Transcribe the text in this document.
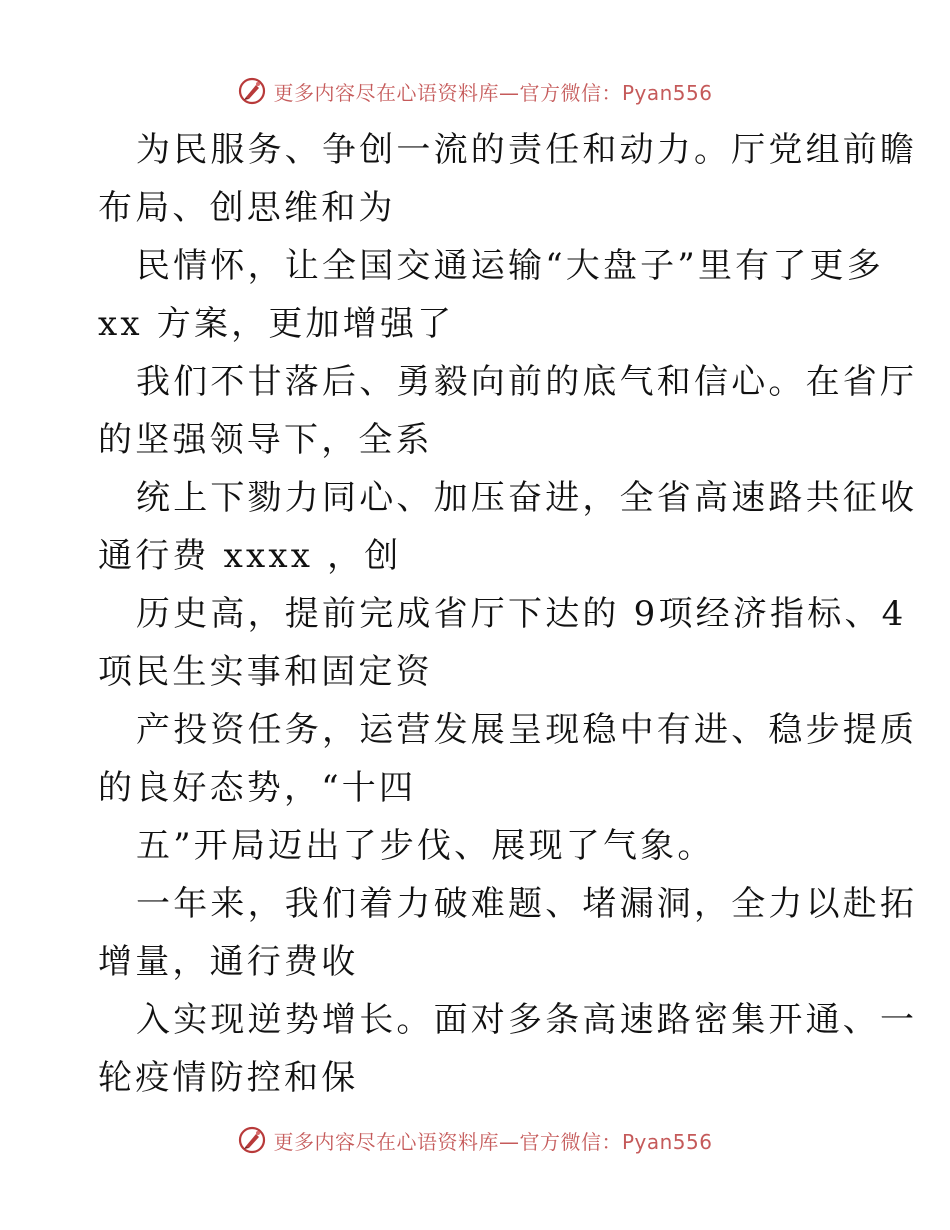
更多内容尽在心语资料库—官方微信：Pyan556
为民服务、争创一流的责任和动力。厅党组前瞻
布局、创思维和为
民情怀，让全国交通运输“大盘子”里有了更多
xx 方案，更加增强了
我们不甘落后、勇毅向前的底气和信心。在省厅
的坚强领导下，全系
统上下勠力同心、加压奋进，全省高速路共征收
通行费 xxxx ，创
历史高，提前完成省厅下达的 9项经济指标、4
项民生实事和固定资
产投资任务，运营发展呈现稳中有进、稳步提质
的良好态势，“十四
五”开局迈出了步伐、展现了气象。
一年来，我们着力破难题、堵漏洞，全力以赴拓
增量，通行费收
入实现逆势增长。面对多条高速路密集开通、一
轮疫情防控和保
更多内容尽在心语资料库—官方微信：Pyan556
